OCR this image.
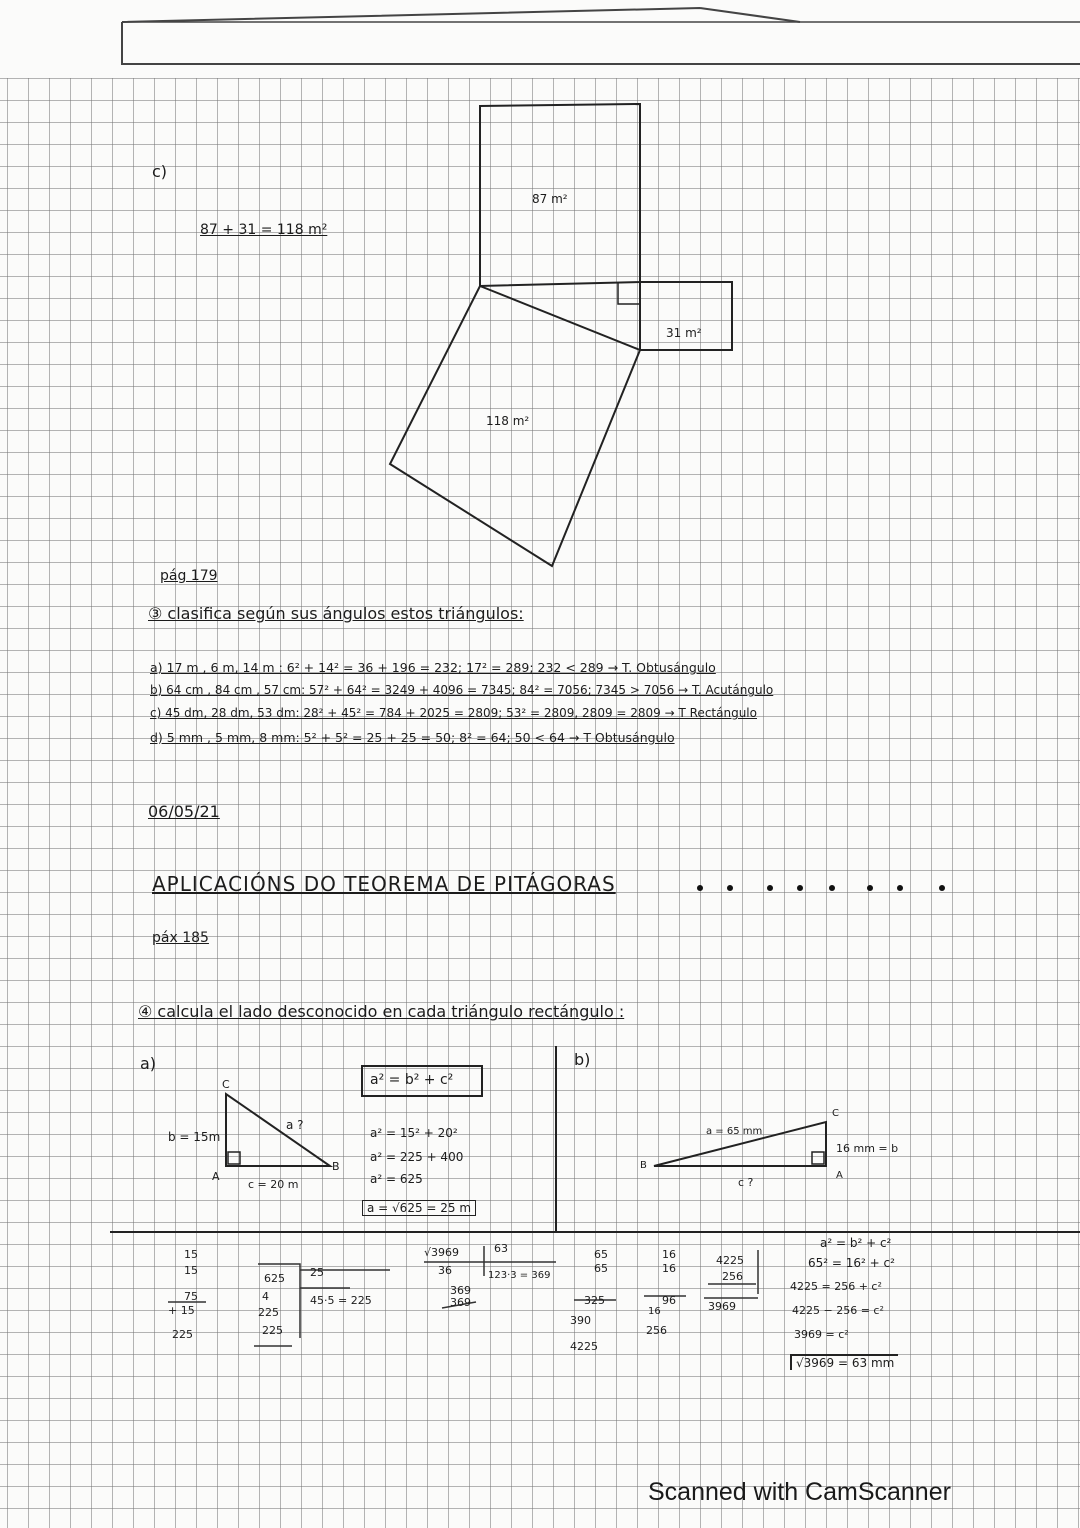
c)
87 + 31 = 118 m²
87 m²
31 m²
118 m²
pág 179
③ clasifica según sus ángulos estos triángulos:
a) 17 m , 6 m, 14 m : 6² + 14² = 36 + 196 = 232; 17² = 289; 232 < 289 → T. Obtusángulo
b) 64 cm , 84 cm , 57 cm: 57² + 64² = 3249 + 4096 = 7345; 84² = 7056; 7345 > 7056 → T. Acutángulo
c) 45 dm, 28 dm, 53 dm: 28² + 45² = 784 + 2025 = 2809; 53² = 2809, 2809 = 2809 → T Rectángulo
d) 5 mm , 5 mm, 8 mm: 5² + 5² = 25 + 25 = 50; 8² = 64; 50 < 64 → T Obtusángulo
06/05/21
APLICACIÓNS DO TEOREMA DE PITÁGORAS
páx 185
④ calcula el lado desconocido en cada triángulo rectángulo :
a)
C
A
B
b = 15m
a ?
c = 20 m
a² = b² + c²
a² = 15² + 20²
a² = 225 + 400
a² = 625
a = √625 = 25 m
15
15
75
+ 15
225
625 25
4
225
225
45·5 = 225
b)
C
A
B
a = 65 mm
16 mm = b
c ?
√3969	63
36	123·3 = 369
369
369
65
65
325
390
4225
16
16
96
16
256
4225
256
3969
a² = b² + c²
65² = 16² + c²
4225 = 256 + c²
4225 − 256 = c²
3969 = c²
√3969 = 63 mm
Scanned with CamScanner
